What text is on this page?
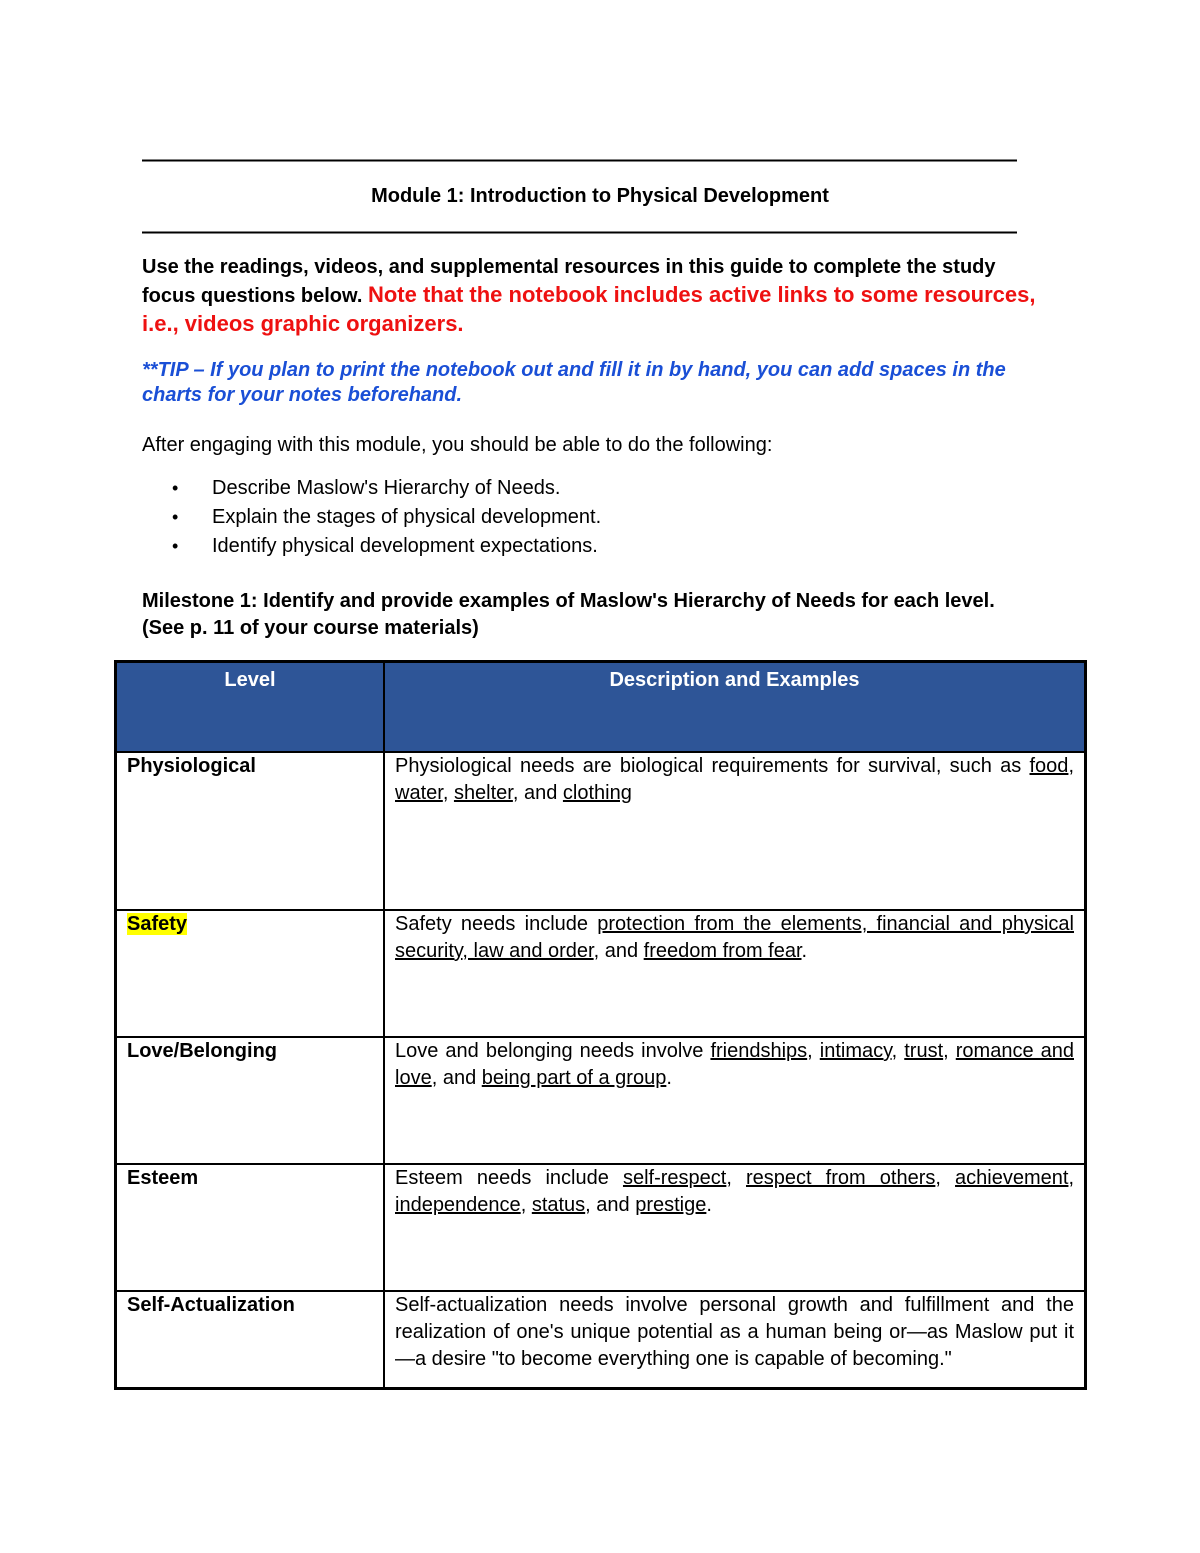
——————————————————————————————————————————————
Module 1: Introduction to Physical Development
——————————————————————————————————————————————
Use the readings, videos, and supplemental resources in this guide to complete the study focus questions below. Note that the notebook includes active links to some resources, i.e., videos graphic organizers.
**TIP – If you plan to print the notebook out and fill it in by hand, you can add spaces in the charts for your notes beforehand.
After engaging with this module, you should be able to do the following:
• Describe Maslow's Hierarchy of Needs.
• Explain the stages of physical development.
• Identify physical development expectations.
Milestone 1: Identify and provide examples of Maslow's Hierarchy of Needs for each level. (See p. 11 of your course materials)
Level	Description and Examples
Physiological	Physiological needs are biological requirements for survival, such as food, water, shelter, and clothing
Safety	Safety needs include protection from the elements, financial and physical security, law and order, and freedom from fear.
Love/Belonging	Love and belonging needs involve friendships, intimacy, trust, romance and love, and being part of a group.
Esteem	Esteem needs include self-respect, respect from others, achievement, independence, status, and prestige.
Self-Actualization	Self-actualization needs involve personal growth and fulfillment and the realization of one's unique potential as a human being or—as Maslow put it—a desire "to become everything one is capable of becoming."
